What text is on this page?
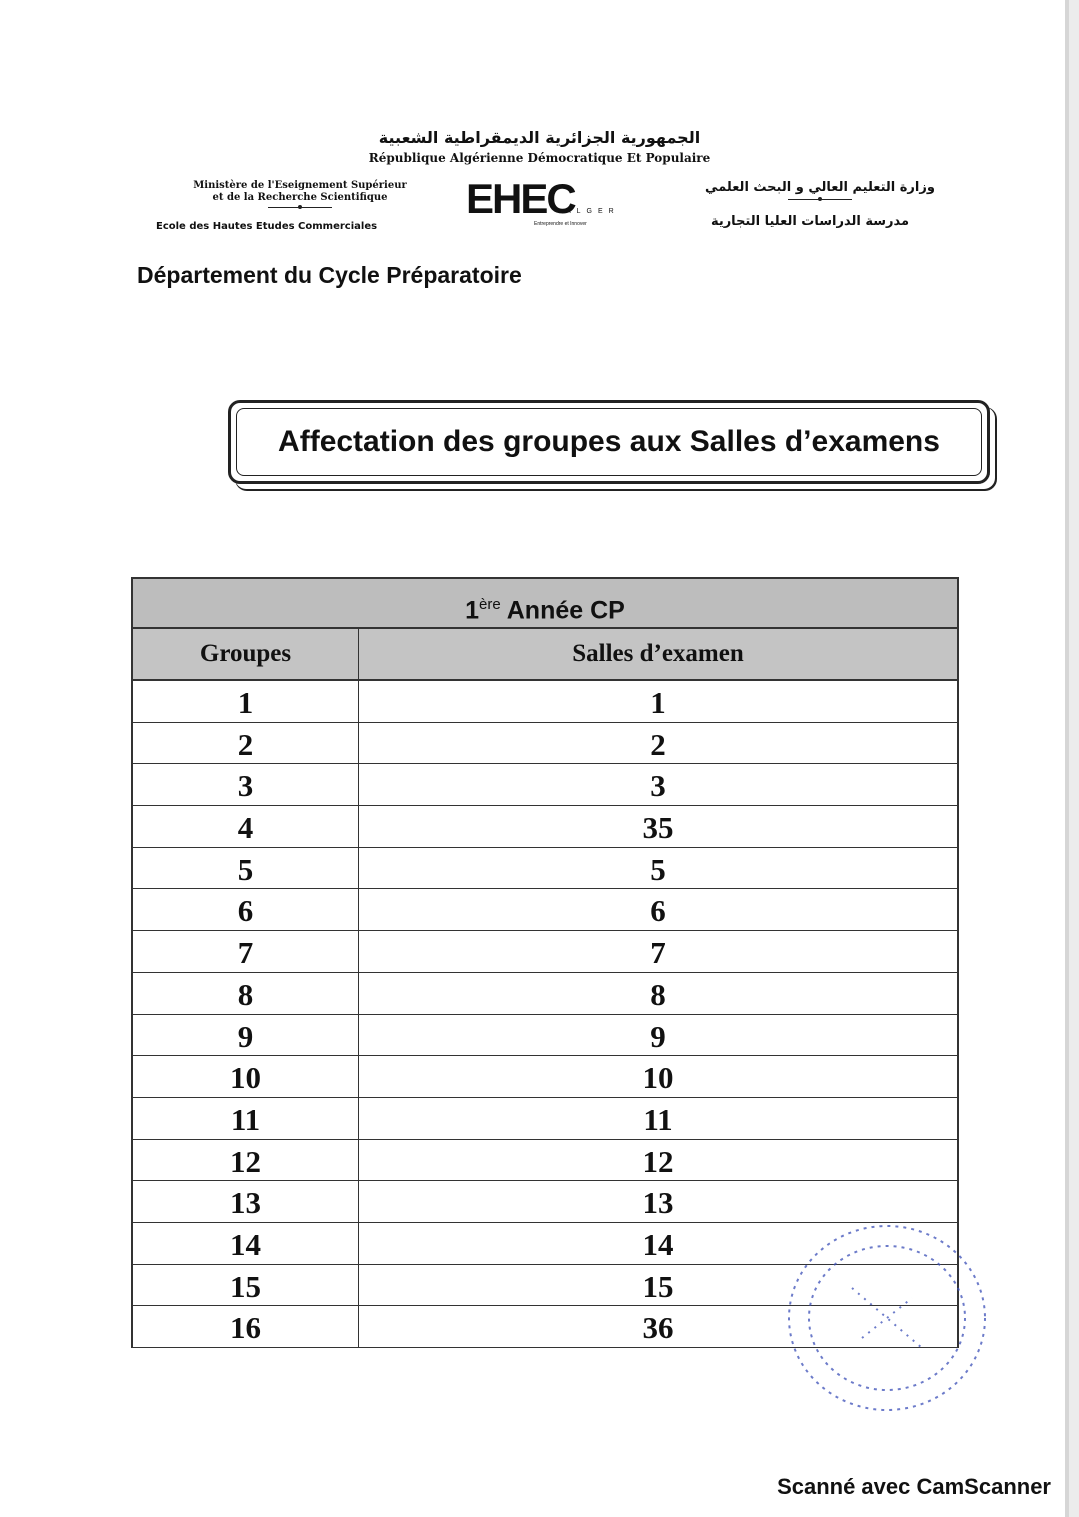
الجمهورية الجزائرية الديمقراطية الشعبية
République Algérienne Démocratique Et Populaire
Ministère de l'Eseignement Supérieur
et de la Recherche Scientifique
Ecole des Hautes Etudes Commerciales
EHEC
ALGER
Entreprendre et Innover
وزارة التعليم العالي و البحث العلمي
مدرسة الدراسات العليا التجارية
Département du Cycle Préparatoire
Affectation des groupes aux Salles d’examens
1ère Année CP
Groupes	Salles d’examen
1	1
2	2
3	3
4	35
5	5
6	6
7	7
8	8
9	9
10	10
11	11
12	12
13	13
14	14
15	15
16	36
Scanné avec CamScanner
